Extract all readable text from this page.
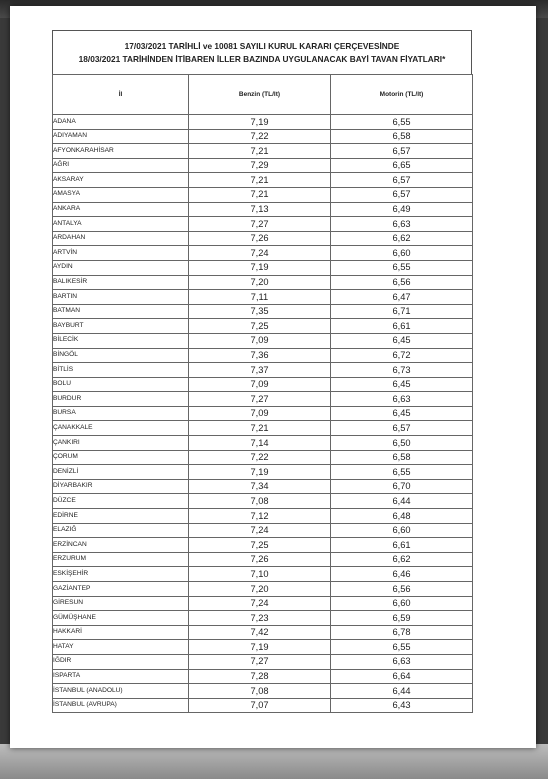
17/03/2021 TARİHLİ ve 10081 SAYILI KURUL KARARI ÇERÇEVESİNDE
18/03/2021 TARİHİNDEN İTİBAREN İLLER BAZINDA UYGULANACAK BAYİ TAVAN FİYATLARI*
İl	Benzin (TL/lt)	Motorin (TL/lt)
ADANA	7,19	6,55
ADIYAMAN	7,22	6,58
AFYONKARAHİSAR	7,21	6,57
AĞRI	7,29	6,65
AKSARAY	7,21	6,57
AMASYA	7,21	6,57
ANKARA	7,13	6,49
ANTALYA	7,27	6,63
ARDAHAN	7,26	6,62
ARTVİN	7,24	6,60
AYDIN	7,19	6,55
BALIKESİR	7,20	6,56
BARTIN	7,11	6,47
BATMAN	7,35	6,71
BAYBURT	7,25	6,61
BİLECİK	7,09	6,45
BİNGÖL	7,36	6,72
BİTLİS	7,37	6,73
BOLU	7,09	6,45
BURDUR	7,27	6,63
BURSA	7,09	6,45
ÇANAKKALE	7,21	6,57
ÇANKIRI	7,14	6,50
ÇORUM	7,22	6,58
DENİZLİ	7,19	6,55
DİYARBAKIR	7,34	6,70
DÜZCE	7,08	6,44
EDİRNE	7,12	6,48
ELAZIĞ	7,24	6,60
ERZİNCAN	7,25	6,61
ERZURUM	7,26	6,62
ESKİŞEHİR	7,10	6,46
GAZİANTEP	7,20	6,56
GİRESUN	7,24	6,60
GÜMÜŞHANE	7,23	6,59
HAKKARİ	7,42	6,78
HATAY	7,19	6,55
IĞDIR	7,27	6,63
ISPARTA	7,28	6,64
İSTANBUL (ANADOLU)	7,08	6,44
İSTANBUL (AVRUPA)	7,07	6,43
